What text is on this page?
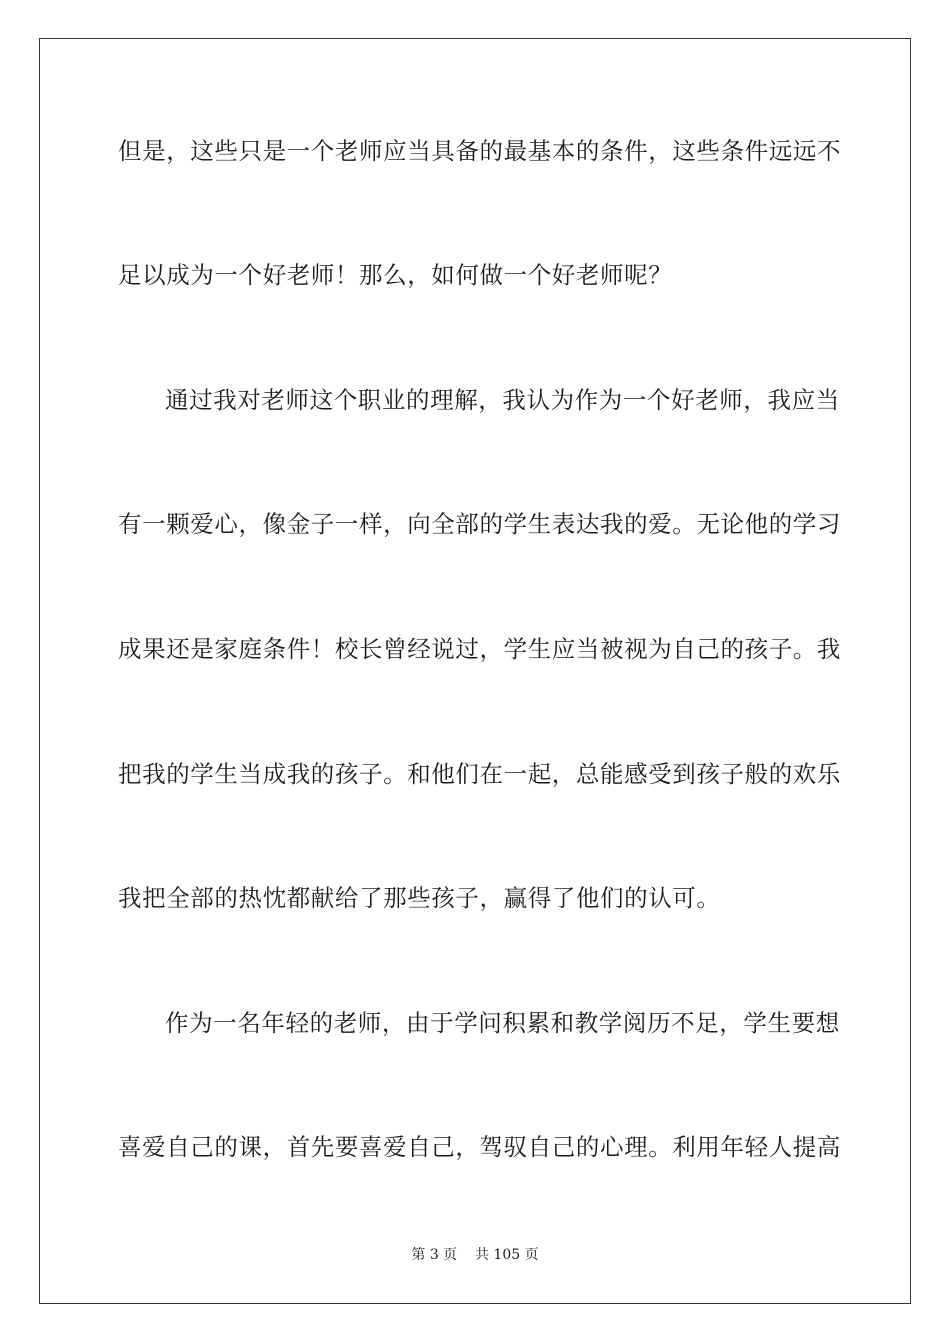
但是，这些只是一个老师应当具备的最基本的条件，这些条件远远不
足以成为一个好老师！那么，如何做一个好老师呢？
通过我对老师这个职业的理解，我认为作为一个好老师，我应当
有一颗爱心，像金子一样，向全部的学生表达我的爱。无论他的学习
成果还是家庭条件！校长曾经说过，学生应当被视为自己的孩子。我
把我的学生当成我的孩子。和他们在一起，总能感受到孩子般的欢乐
我把全部的热忱都献给了那些孩子，赢得了他们的认可。
作为一名年轻的老师，由于学问积累和教学阅历不足，学生要想
喜爱自己的课，首先要喜爱自己，驾驭自己的心理。利用年轻人提高
第 3 页    共 105 页
